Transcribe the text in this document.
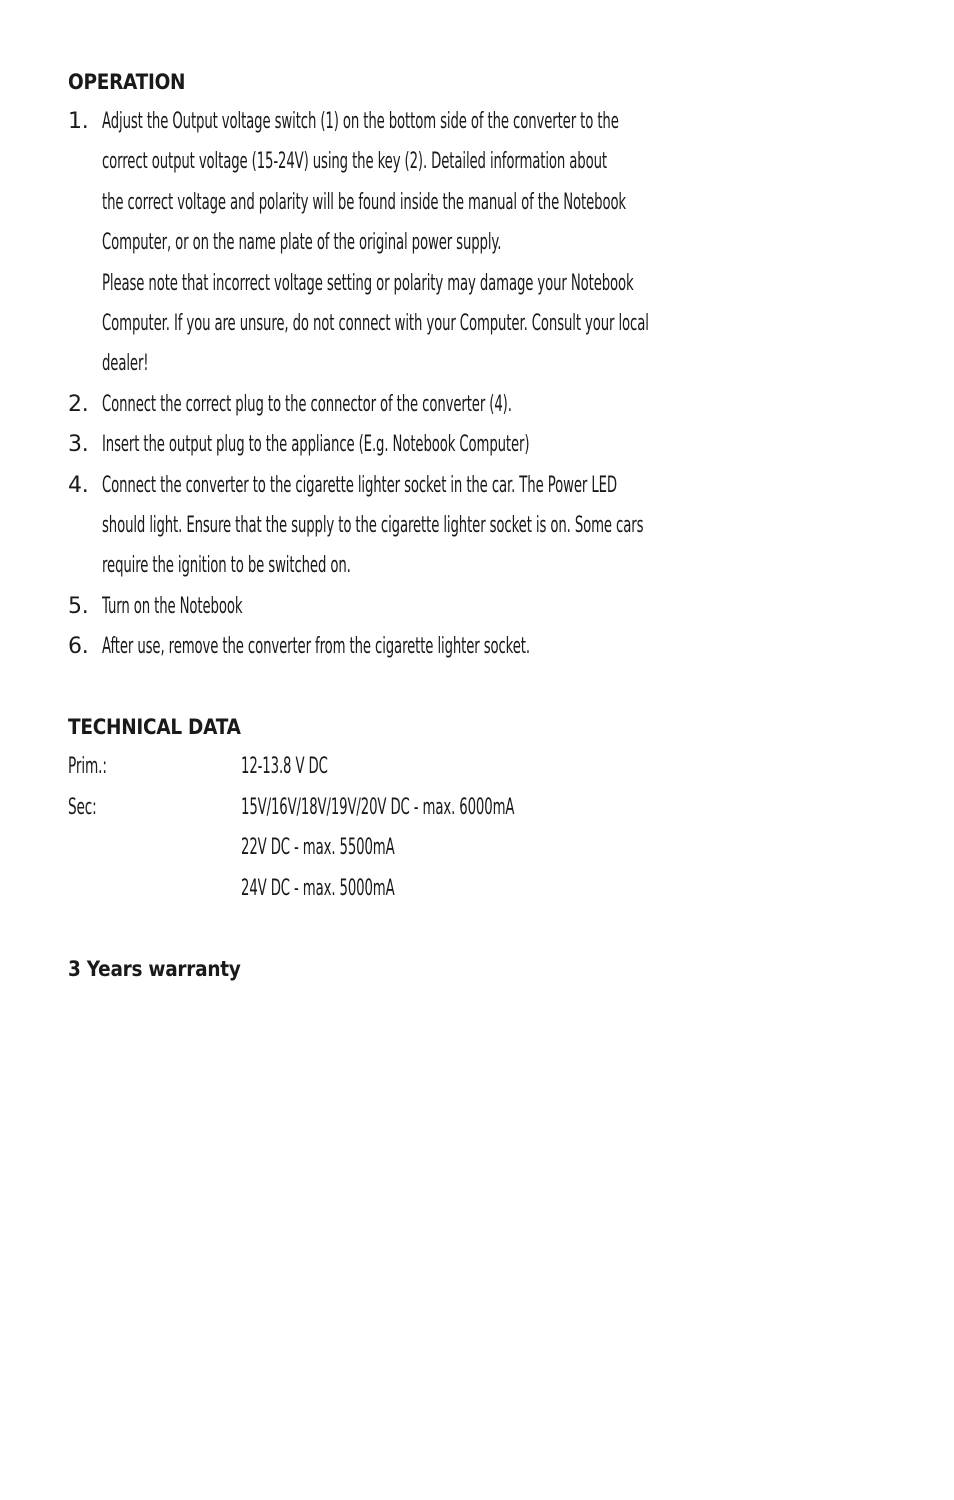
OPERATION
1. Adjust the Output voltage switch (1) on the bottom side of the converter to the
correct output voltage (15-24V) using the key (2). Detailed information about
the correct voltage and polarity will be found inside the manual of the Notebook
Computer, or on the name plate of the original power supply.
Please note that incorrect voltage setting or polarity may damage your Notebook
Computer. If you are unsure, do not connect with your Computer. Consult your local
dealer!
2. Connect the correct plug to the connector of the converter (4).
3. Insert the output plug to the appliance (E.g. Notebook Computer)
4. Connect the converter to the cigarette lighter socket in the car. The Power LED
should light. Ensure that the supply to the cigarette lighter socket is on. Some cars
require the ignition to be switched on.
5. Turn on the Notebook
6. After use, remove the converter from the cigarette lighter socket.
TECHNICAL DATA
Prim.:	12-13.8 V DC
Sec:	15V/16V/18V/19V/20V DC - max. 6000mA
22V DC - max. 5500mA
24V DC - max. 5000mA
3 Years warranty
